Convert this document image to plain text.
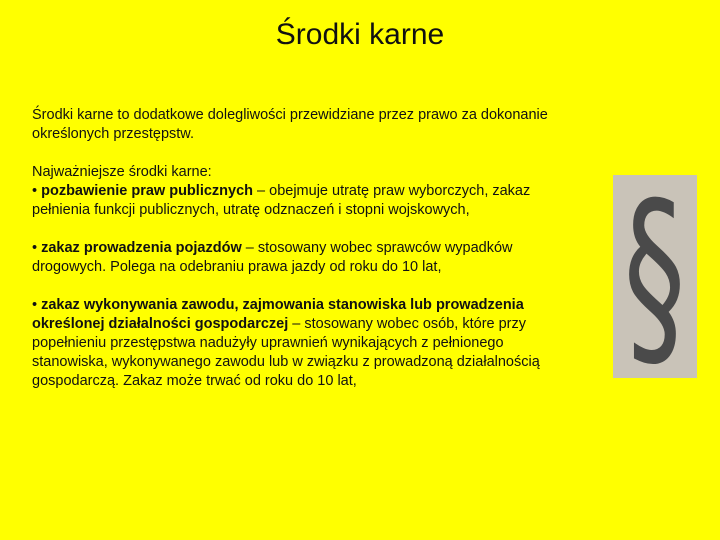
Środki karne

Środki karne to dodatkowe dolegliwości przewidziane przez prawo za dokonanie określonych przestępstw.

Najważniejsze środki karne:

• pozbawienie praw publicznych – obejmuje utratę praw wyborczych, zakaz pełnienia funkcji publicznych, utratę odznaczeń i stopni wojskowych,

• zakaz prowadzenia pojazdów – stosowany wobec sprawców wypadków drogowych. Polega na odebraniu prawa jazdy od roku do 10 lat,

• zakaz wykonywania zawodu, zajmowania stanowiska lub prowadzenia określonej działalności gospodarczej – stosowany wobec osób, które przy popełnieniu przestępstwa nadużyły uprawnień wynikających z pełnionego stanowiska, wykonywanego zawodu lub w związku z prowadzoną działalnością gospodarczą. Zakaz może trwać od roku do 10 lat,	§
